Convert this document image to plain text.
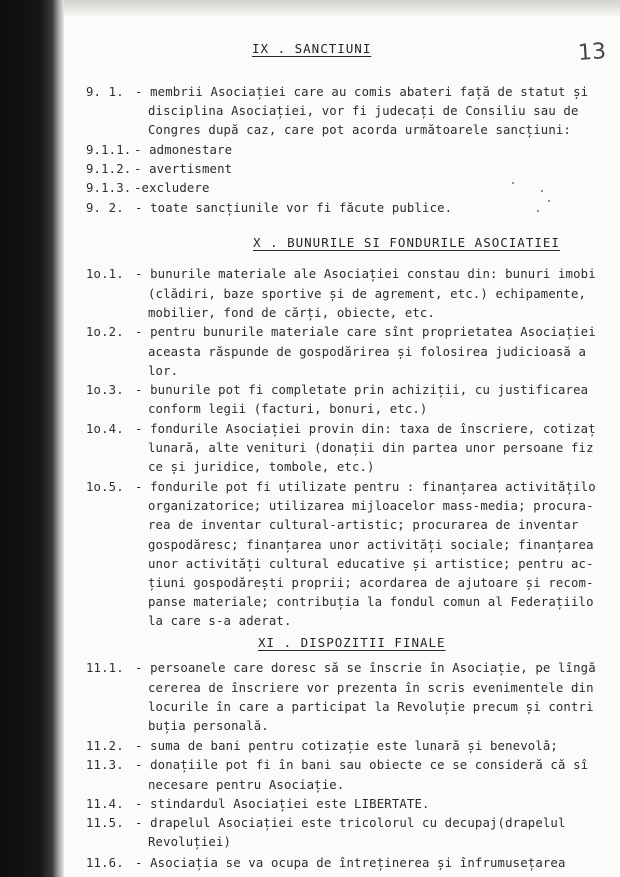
13
IX . SANCTIUNI
9. 1. - membrii Asociației care au comis abateri față de statut și
disciplina Asociației, vor fi judecați de Consiliu sau de
Congres după caz, care pot acorda următoarele sancțiuni:
9.1.1. - admonestare
9.1.2. - avertisment
9.1.3. -excludere
9. 2. - toate sancțiunile vor fi făcute publice.
X . BUNURILE SI FONDURILE ASOCIATIEI
1o.1. - bunurile materiale ale Asociației constau din: bunuri imobi
(clădiri, baze sportive și de agrement, etc.) echipamente,
mobilier, fond de cărți, obiecte, etc.
1o.2. - pentru bunurile materiale care sînt proprietatea Asociației
aceasta răspunde de gospodărirea și folosirea judicioasă a
lor.
1o.3. - bunurile pot fi completate prin achiziții, cu justificarea
conform legii (facturi, bonuri, etc.)
1o.4. - fondurile Asociației provin din: taxa de înscriere, cotizaț
lunară, alte venituri (donații din partea unor persoane fiz
ce și juridice, tombole, etc.)
1o.5. - fondurile pot fi utilizate pentru : finanțarea activitățilo
organizatorice; utilizarea mijloacelor mass-media; procura-
rea de inventar cultural-artistic; procurarea de inventar
gospodăresc; finanțarea unor activități sociale; finanțarea
unor activități cultural educative și artistice; pentru ac-
țiuni gospodărești proprii; acordarea de ajutoare și recom-
panse materiale; contribuția la fondul comun al Federațiilo
la care s-a aderat.
XI . DISPOZITII FINALE
11.1. - persoanele care doresc să se înscrie în Asociație, pe lîngă
cererea de înscriere vor prezenta în scris evenimentele din
locurile în care a participat la Revoluție precum și contri
buția personală.
11.2. - suma de bani pentru cotizație este lunară și benevolă;
11.3. - donațiile pot fi în bani sau obiecte ce se consideră că sî
necesare pentru Asociație.
11.4. - stindardul Asociației este LIBERTATE.
11.5. - drapelul Asociației este tricolorul cu decupaj(drapelul
Revoluției)
11.6. - Asociația se va ocupa de întreținerea și înfrumusețarea
